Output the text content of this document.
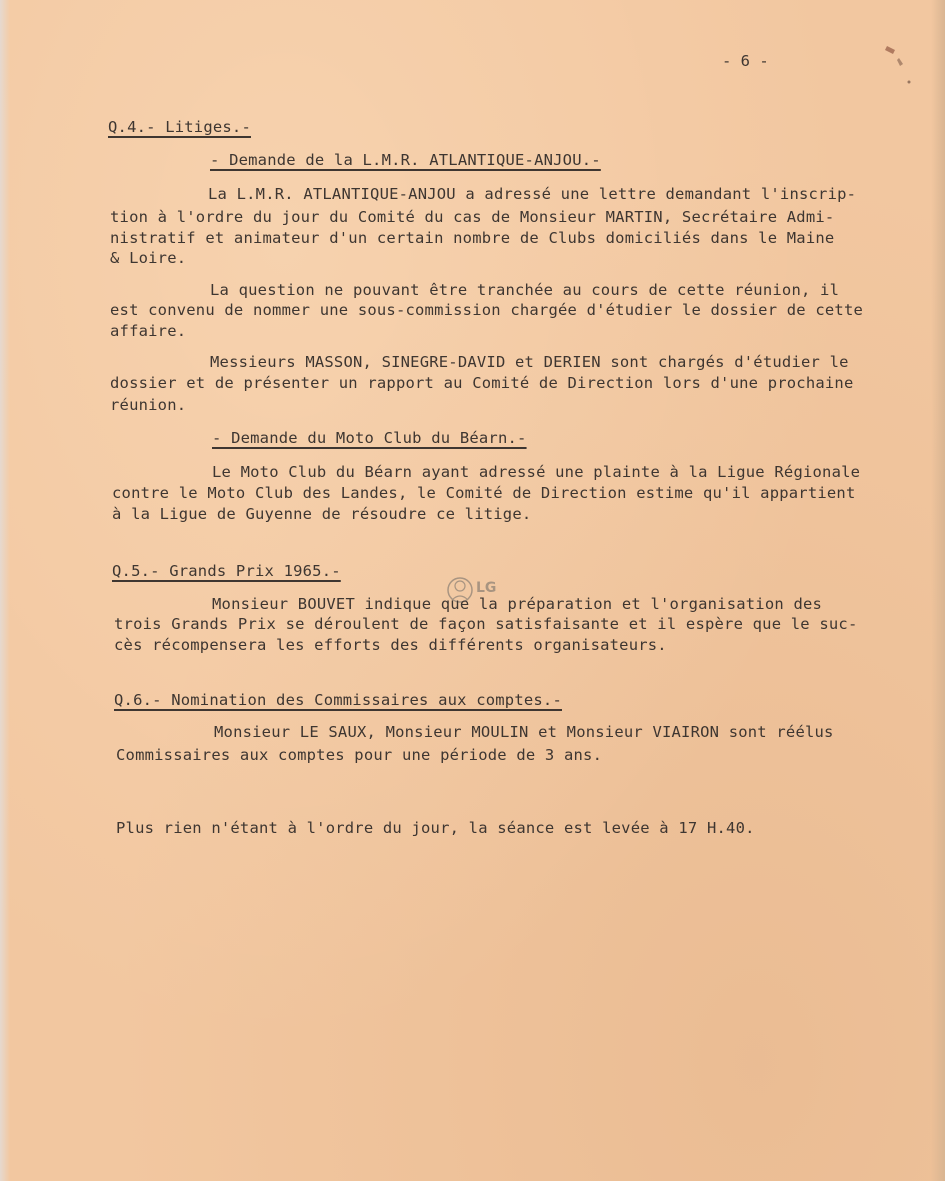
- 6 -
Q.4.- Litiges.-
- Demande de la L.M.R. ATLANTIQUE-ANJOU.-
La L.M.R. ATLANTIQUE-ANJOU a adressé une lettre demandant l'inscrip-
tion à l'ordre du jour du Comité du cas de Monsieur MARTIN, Secrétaire Admi-
nistratif et animateur d'un certain nombre de Clubs domiciliés dans le Maine
& Loire.
La question ne pouvant être tranchée au cours de cette réunion, il
est convenu de nommer une sous-commission chargée d'étudier le dossier de cette
affaire.
Messieurs MASSON, SINEGRE-DAVID et DERIEN sont chargés d'étudier le
dossier et de présenter un rapport au Comité de Direction lors d'une prochaine
réunion.
- Demande du Moto Club du Béarn.-
Le Moto Club du Béarn ayant adressé une plainte à la Ligue Régionale
contre le Moto Club des Landes, le Comité de Direction estime qu'il appartient
à la Ligue de Guyenne de résoudre ce litige.
Q.5.- Grands Prix 1965.-
LG
Monsieur BOUVET indique que la préparation et l'organisation des
trois Grands Prix se déroulent de façon satisfaisante et il espère que le suc-
cès récompensera les efforts des différents organisateurs.
Q.6.- Nomination des Commissaires aux comptes.-
Monsieur LE SAUX, Monsieur MOULIN et Monsieur VIAIRON sont réélus
Commissaires aux comptes pour une période de 3 ans.
Plus rien n'étant à l'ordre du jour, la séance est levée à 17 H.40.
